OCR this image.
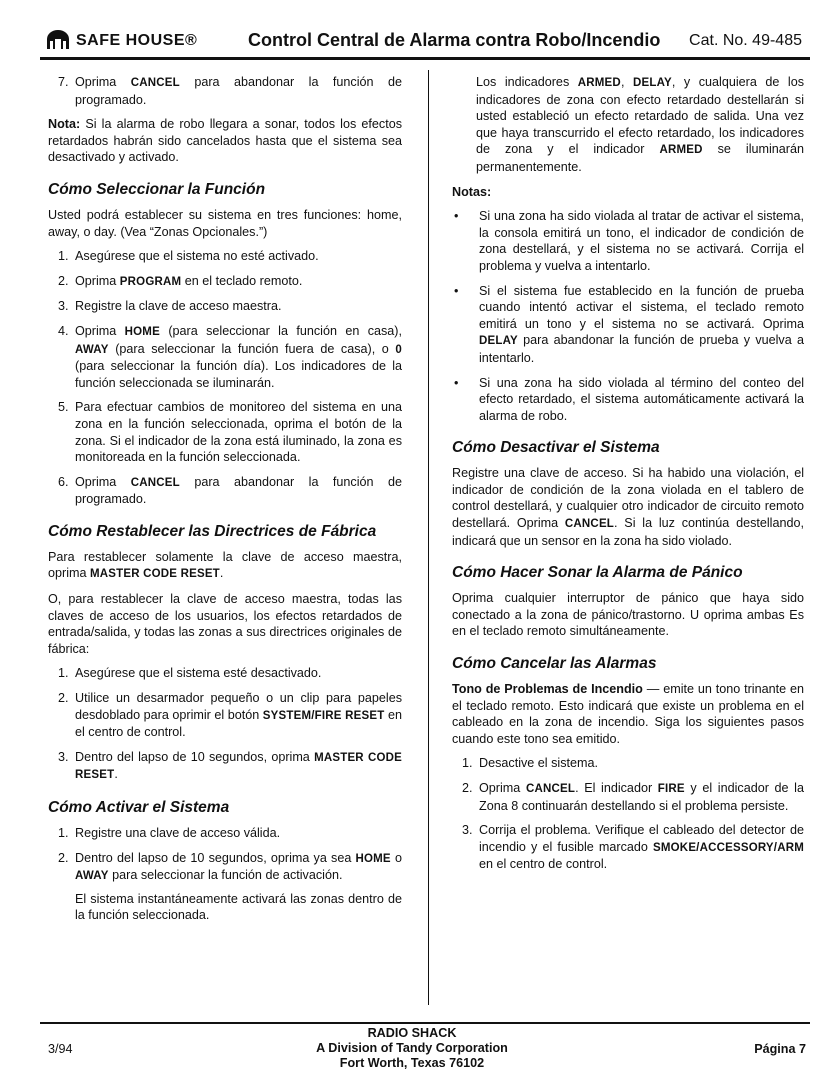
SAFE HOUSE®	Control Central de Alarma contra Robo/Incendio Cat. No. 49-485
7. Oprima CANCEL para abandonar la función de programado.

Nota: Si la alarma de robo llegara a sonar, todos los efectos retardados habrán sido cancelados hasta que el sistema sea desactivado y activado.

Cómo Seleccionar la Función

Usted podrá establecer su sistema en tres funciones: home, away, o day. (Vea “Zonas Opcionales.”)

1. Asegúrese que el sistema no esté activado.
2. Oprima PROGRAM en el teclado remoto.
3. Registre la clave de acceso maestra.
4. Oprima HOME (para seleccionar la función en casa), AWAY (para seleccionar la función fuera de casa), o 0 (para seleccionar la función día). Los indicadores de la función seleccionada se iluminarán.
5. Para efectuar cambios de monitoreo del sistema en una zona en la función seleccionada, oprima el botón de la zona. Si el indicador de la zona está iluminado, la zona es monitoreada en la función seleccionada.
6. Oprima CANCEL para abandonar la función de programado.
Cómo Restablecer las Directrices de Fábrica

Para restablecer solamente la clave de acceso maestra, oprima MASTER CODE RESET.

O, para restablecer la clave de acceso maestra, todas las claves de acceso de los usuarios, los efectos retardados de entrada/salida, y todas las zonas a sus directrices originales de fábrica:

1. Asegúrese que el sistema esté desactivado.
2. Utilice un desarmador pequeño o un clip para papeles desdoblado para oprimir el botón SYSTEM/FIRE RESET en el centro de control.
3. Dentro del lapso de 10 segundos, oprima MASTER CODE RESET.
Cómo Activar el Sistema
1. Registre una clave de acceso válida.
2. Dentro del lapso de 10 segundos, oprima ya sea HOME o AWAY para seleccionar la función de activación.

El sistema instantáneamente activará las zonas dentro de la función seleccionada.

Los indicadores ARMED, DELAY, y cualquiera de los indicadores de zona con efecto retardado destellarán si usted estableció un efecto retardado de salida. Una vez que haya transcurrido el efecto retardado, los indicadores de zona y el indicador ARMED se iluminarán permanentemente.

Notas:

• Si una zona ha sido violada al tratar de activar el sistema, la consola emitirá un tono, el indicador de condición de zona destellará, y el sistema no se activará. Corrija el problema y vuelva a intentarlo.
• Si el sistema fue establecido en la función de prueba cuando intentó activar el sistema, el teclado remoto emitirá un tono y el sistema no se activará. Oprima DELAY para abandonar la función de prueba y vuelva a intentarlo.
• Si una zona ha sido violada al término del conteo del efecto retardado, el sistema automáticamente activará la alarma de robo.
Cómo Desactivar el Sistema

Registre una clave de acceso. Si ha habido una violación, el indicador de condición de la zona violada en el tablero de control destellará, y cualquier otro indicador de circuito remoto destellará. Oprima CANCEL. Si la luz continúa destellando, indicará que un sensor en la zona ha sido violado.

Cómo Hacer Sonar la Alarma de Pánico

Oprima cualquier interruptor de pánico que haya sido conectado a la zona de pánico/trastorno. U oprima ambas Es en el teclado remoto simultáneamente.

Cómo Cancelar las Alarmas

Tono de Problemas de Incendio — emite un tono trinante en el teclado remoto. Esto indicará que existe un problema en el cableado en la zona de incendio. Siga los siguientes pasos cuando este tono sea emitido.

1. Desactive el sistema.
2. Oprima CANCEL. El indicador FIRE y el indicador de la Zona 8 continuarán destellando si el problema persiste.
3. Corrija el problema. Verifique el cableado del detector de incendio y el fusible marcado SMOKE/ACCESSORY/ARM en el centro de control.
3/94
RADIO SHACK
A Division of Tandy Corporation
Fort Worth, Texas 76102
Página 7
